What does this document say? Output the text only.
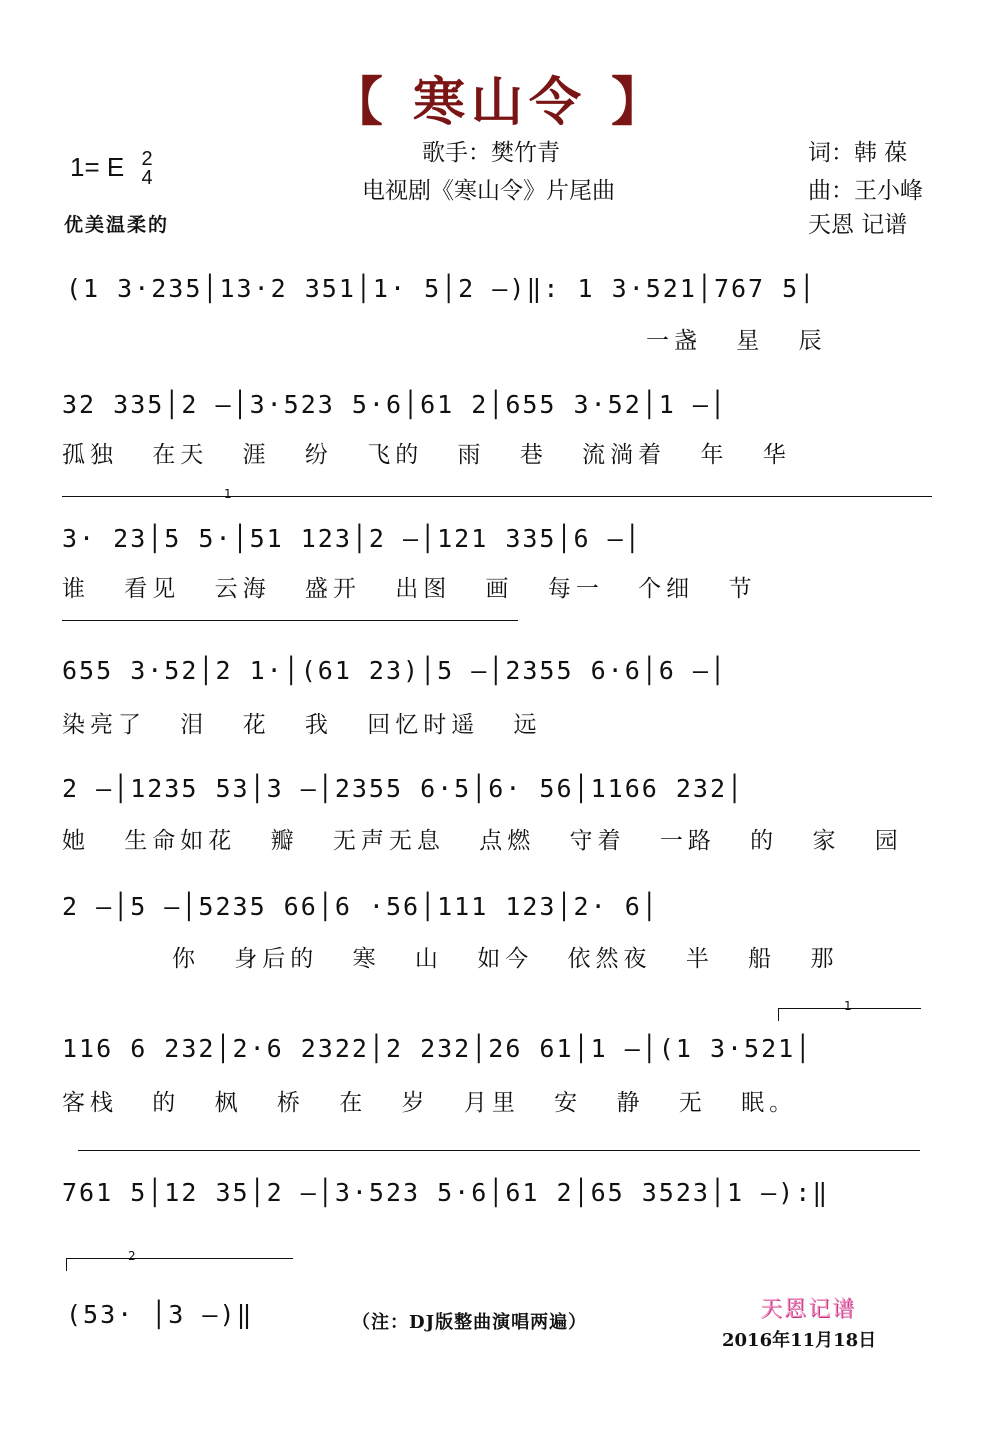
【 寒山令 】
1= E 2
4
歌手：樊竹青
电视剧《寒山令》片尾曲
词：韩 葆
曲：王小峰
天恩 记谱
优美温柔的
(1 3·235│13·2 351│1· 5│2 –)‖: 1 3·521│767 5│
一盏 星 辰
32 335│2 –│3·523 5·6│61 2│655 3·52│1 –│
孤独 在天 涯 纷 飞的 雨 巷 流淌着 年 华
1
3· 23│5 5·│51 123│2 –│121 335│6 –│
谁 看见 云海 盛开 出图 画 每一 个细 节
655 3·52│2 1·│(61 23)│5 –│2355 6·6│6 –│
染亮了 泪 花 我 回忆时遥 远
2 –│1235 53│3 –│2355 6·5│6· 56│1166 232│
她 生命如花 瓣 无声无息 点燃 守着 一路 的 家 园
2 –│5 –│5235 66│6 ·56│111 123│2· 6│
你 身后的 寒 山 如今 依然夜 半 船 那
1
116 6 232│2·6 2322│2 232│26 61│1 –│(1 3·521│
客栈 的 枫 桥 在 岁 月里 安 静 无 眠。
761 5│12 35│2 –│3·523 5·6│61 2│65 3523│1 –):‖
2
(53· │3 –)‖	（注：DJ版整曲演唱两遍）
天恩记谱
2016年11月18日
